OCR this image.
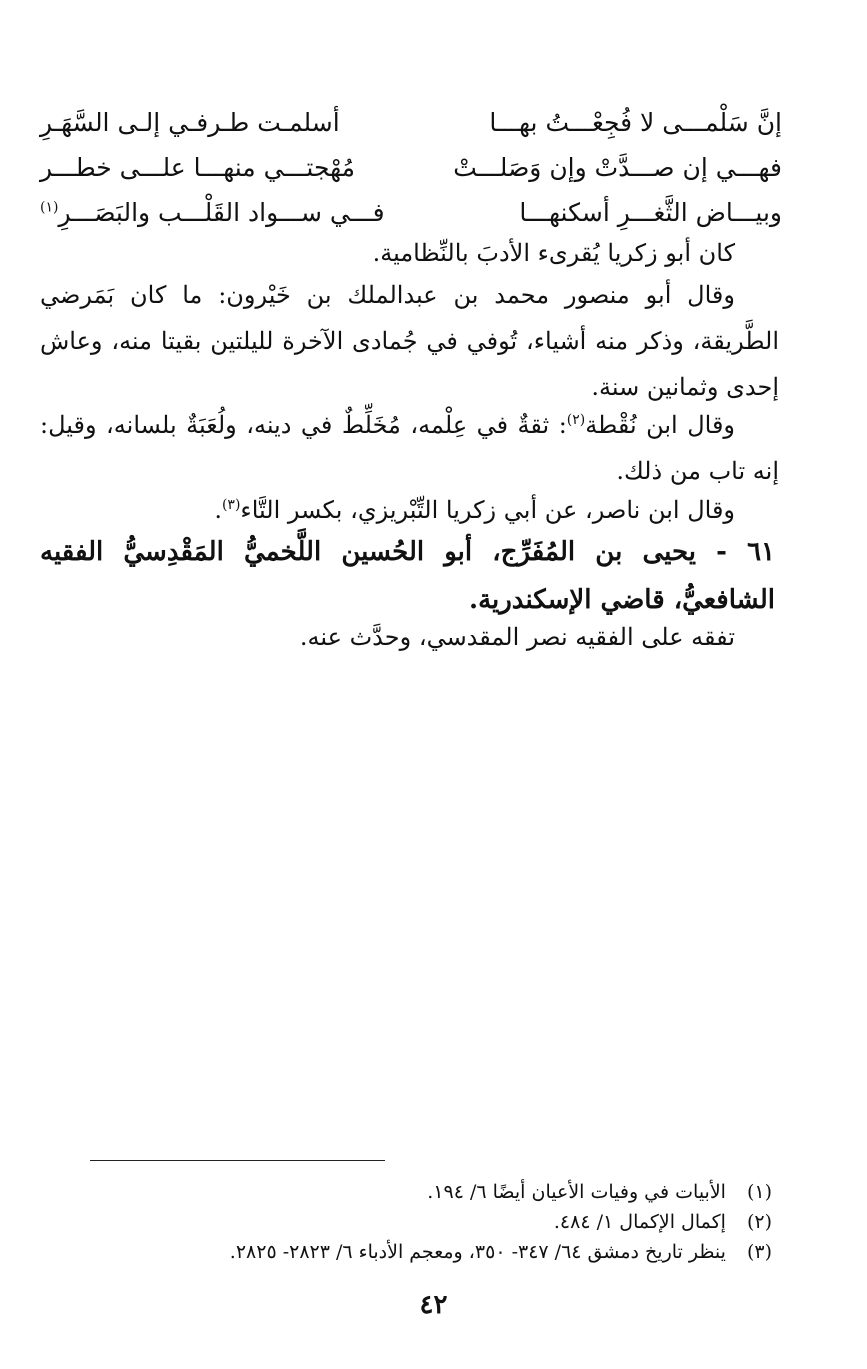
إنَّ سَلْمـــى لا فُجِعْـــتُ بهـــا
أسلمـت طـرفـي إلـى السَّهَـرِ
فهـــي إن صـــدَّتْ وإن وَصَلـــتْ
مُهْجتـــي منهـــا علـــى خطـــر
وبيـــاض الثَّغـــرِ أسكنهـــا
فـــي ســـواد القَلْـــب والبَصَـــرِ$^{(١)}$

كان أبو زكريا يُقرىء الأدبَ بالنِّظامية.

وقال أبو منصور محمد بن عبدالملك بن خَيْرون: ما كان بَمَرضي الطَّريقة، وذكر منه أشياء، تُوفي في جُمادى الآخرة لليلتين بقيتا منه، وعاش إحدى وثمانين سنة.

وقال ابن نُقْطة$^{(٢)}$: ثقةٌ في عِلْمه، مُخَلِّطٌ في دينه، ولُعَبَةٌ بلسانه، وقيل: إنه تاب من ذلك.

وقال ابن ناصر، عن أبي زكريا التِّبْريزي، بكسر التَّاء$^{(٣)}$.

٦١ - يحيى بن المُفَرِّج، أبو الحُسين اللَّخميُّ المَقْدِسيُّ الفقيه الشافعيُّ، قاضي الإسكندرية.

تفقه على الفقيه نصر المقدسي، وحدَّث عنه.

(١) الأبيات في وفيات الأعيان أيضًا ٦/ ١٩٤.
(٢) إكمال الإكمال ١/ ٤٨٤.
(٣) ينظر تاريخ دمشق ٦٤/ ٣٤٧- ٣٥٠، ومعجم الأدباء ٦/ ٢٨٢٣- ٢٨٢٥.
٤٢
